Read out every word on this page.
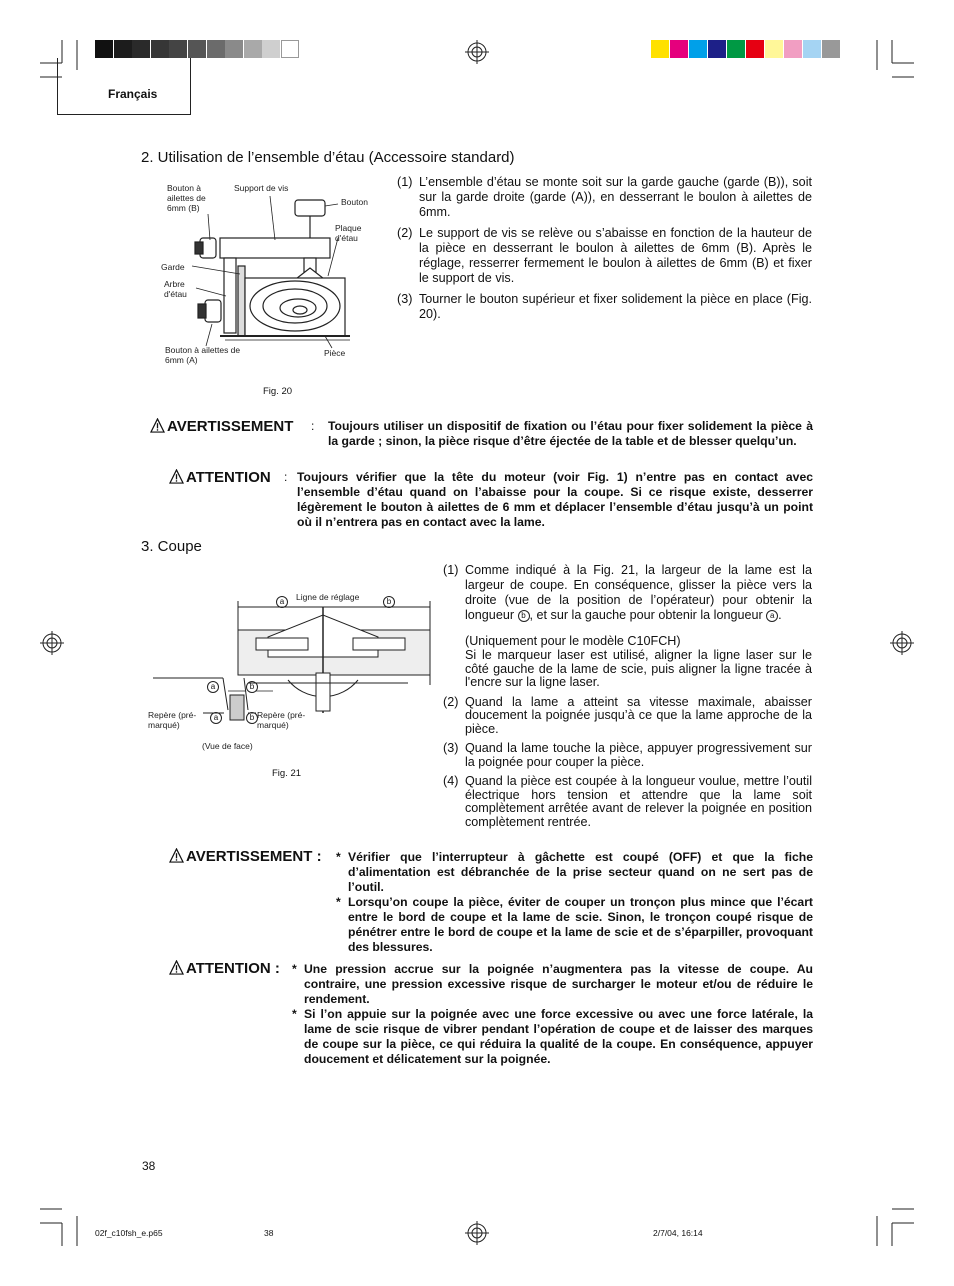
Français
2. Utilisation de l’ensemble d’étau (Accessoire standard)
Bouton à ailettes de 6mm (B)
Support de vis
Bouton
Plaque d'étau
Garde
Arbre d'étau
Bouton à ailettes de 6mm (A)
Pièce
Fig. 20
(1) L’ensemble d’étau se monte soit sur la garde gauche (garde (B)), soit sur la garde droite (garde (A)), en desserrant le boulon à ailettes de 6mm.
(2) Le support de vis se relève ou s’abaisse en fonction de la hauteur de la pièce en desserrant le boulon à ailettes de 6mm (B). Après le réglage, resserrer fermement le boulon à ailettes de 6mm (B) et fixer le support de vis.
(3) Tourner le bouton supérieur et fixer solidement la pièce en place (Fig. 20).
AVERTISSEMENT : Toujours utiliser un dispositif de fixation ou l’étau pour fixer solidement la pièce à la garde ; sinon, la pièce risque d’être éjectée de la table et de blesser quelqu’un.
ATTENTION : Toujours vérifier que la tête du moteur (voir Fig. 1) n’entre pas en contact avec l’ensemble d’étau quand on l’abaisse pour la coupe. Si ce risque existe, desserrer légèrement le bouton à ailettes de 6 mm et déplacer l’ensemble d’étau jusqu’à un point où il n’entrera pas en contact avec la lame.
3. Coupe
Ligne de réglage
a	b
a	b
a	b
Repère (pré-marqué)
Repère (pré-marqué)
(Vue de face)
Fig. 21
(1) Comme indiqué à la Fig. 21, la largeur de la lame est la largeur de coupe. En conséquence, glisser la pièce vers la droite (vue de la position de l’opérateur) pour obtenir la longueur b , et sur la gauche pour obtenir la longueur a .
(Uniquement pour le modèle C10FCH)
Si le marqueur laser est utilisé, aligner la ligne laser sur le côté gauche de la lame de scie, puis aligner la ligne tracée à l'encre sur la ligne laser.
(2) Quand la lame a atteint sa vitesse maximale, abaisser doucement la poignée jusqu’à ce que la lame approche de la pièce.
(3) Quand la lame touche la pièce, appuyer progressivement sur la poignée pour couper la pièce.
(4) Quand la pièce est coupée à la longueur voulue, mettre l’outil électrique hors tension et attendre que la lame soit complètement arrêtée avant de relever la poignée en position complètement rentrée.
AVERTISSEMENT : * Vérifier que l’interrupteur à gâchette est coupé (OFF) et que la fiche d’alimentation est débranchée de la prise secteur quand on ne sert pas de l’outil.
* Lorsqu’on coupe la pièce, éviter de couper un tronçon plus mince que l’écart entre le bord de coupe et la lame de scie. Sinon, le tronçon coupé risque de pénétrer entre le bord de coupe et la lame de scie et de s’éparpiller, provoquant des blessures.
ATTENTION : * Une pression accrue sur la poignée n’augmentera pas la vitesse de coupe. Au contraire, une pression excessive risque de surcharger le moteur et/ou de réduire le rendement.
* Si l’on appuie sur la poignée avec une force excessive ou avec une force latérale, la lame de scie risque de vibrer pendant l’opération de coupe et de laisser des marques de coupe sur la pièce, ce qui réduira la qualité de la coupe. En conséquence, appuyer doucement et délicatement sur la poignée.
38
02f_c10fsh_e.p65	38	2/7/04, 16:14
